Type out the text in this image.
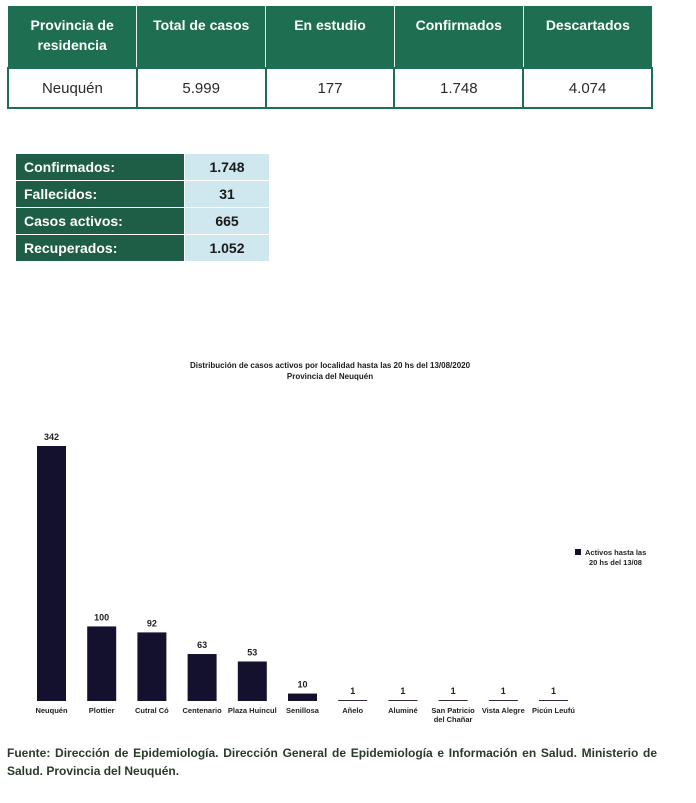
Provincia de residencia	Total de casos	En estudio	Confirmados	Descartados
Neuquén	5.999	177	1.748	4.074
Confirmados:	1.748
Fallecidos:	31
Casos activos:	665
Recuperados:	1.052
Distribución de casos activos por localidad hasta las 20 hs del 13/08/2020
Provincia del Neuquén
342
Neuquén
100
Plottier
92
Cutral Có
63
Centenario
53
Plaza Huincul
10
Senillosa
1
Añelo
1
Aluminé
1
San Patricio
del Chañar
1
Vista Alegre
1
Picún Leufú
Activos hasta las
20 hs del 13/08
Fuente: Dirección de Epidemiología. Dirección General de Epidemiología e Información en Salud. Ministerio de Salud. Provincia del Neuquén.
